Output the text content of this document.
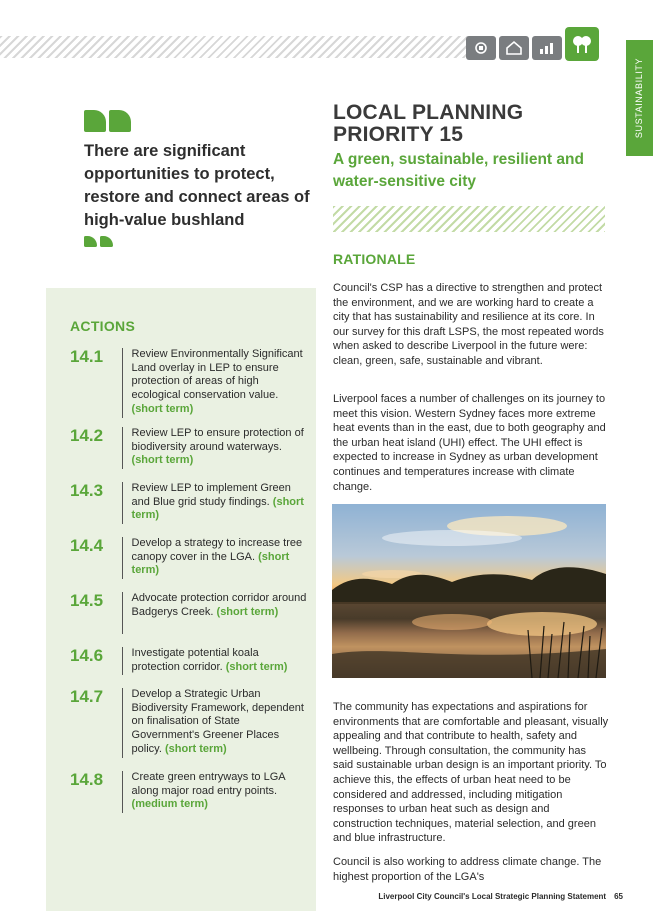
SUSTAINABILITY
There are significant opportunities to protect, restore and connect areas of high-value bushland
ACTIONS
14.1	Review Environmentally Significant Land overlay in LEP to ensure protection of areas of high ecological conservation value. (short term)
14.2	Review LEP to ensure protection of biodiversity around waterways. (short term)
14.3	Review LEP to implement Green and Blue grid study findings. (short term)
14.4	Develop a strategy to increase tree canopy cover in the LGA. (short term)
14.5	Advocate protection corridor around Badgerys Creek. (short term)
14.6	Investigate potential koala protection corridor. (short term)
14.7	Develop a Strategic Urban Biodiversity Framework, dependent on finalisation of State Government's Greener Places policy. (short term)
14.8	Create green entryways to LGA along major road entry points. (medium term)
LOCAL PLANNING PRIORITY 15
A green, sustainable, resilient and water-sensitive city
RATIONALE

Council's CSP has a directive to strengthen and protect the environment, and we are working hard to create a city that has sustainability and resilience at its core. In our survey for this draft LSPS, the most repeated words when asked to describe Liverpool in the future were: clean, green, safe, sustainable and vibrant.

Liverpool faces a number of challenges on its journey to meet this vision. Western Sydney faces more extreme heat events than in the east, due to both geography and the urban heat island (UHI) effect. The UHI effect is expected to increase in Sydney as urban development continues and temperatures increase with climate change.

The community has expectations and aspirations for environments that are comfortable and pleasant, visually appealing and that contribute to health, safety and wellbeing. Through consultation, the community has said sustainable urban design is an important priority. To achieve this, the effects of urban heat need to be considered and addressed, including mitigation responses to urban heat such as design and construction techniques, material selection, and green and blue infrastructure.

Council is also working to address climate change. The highest proportion of the LGA's

Liverpool City Council's Local Strategic Planning Statement 65
